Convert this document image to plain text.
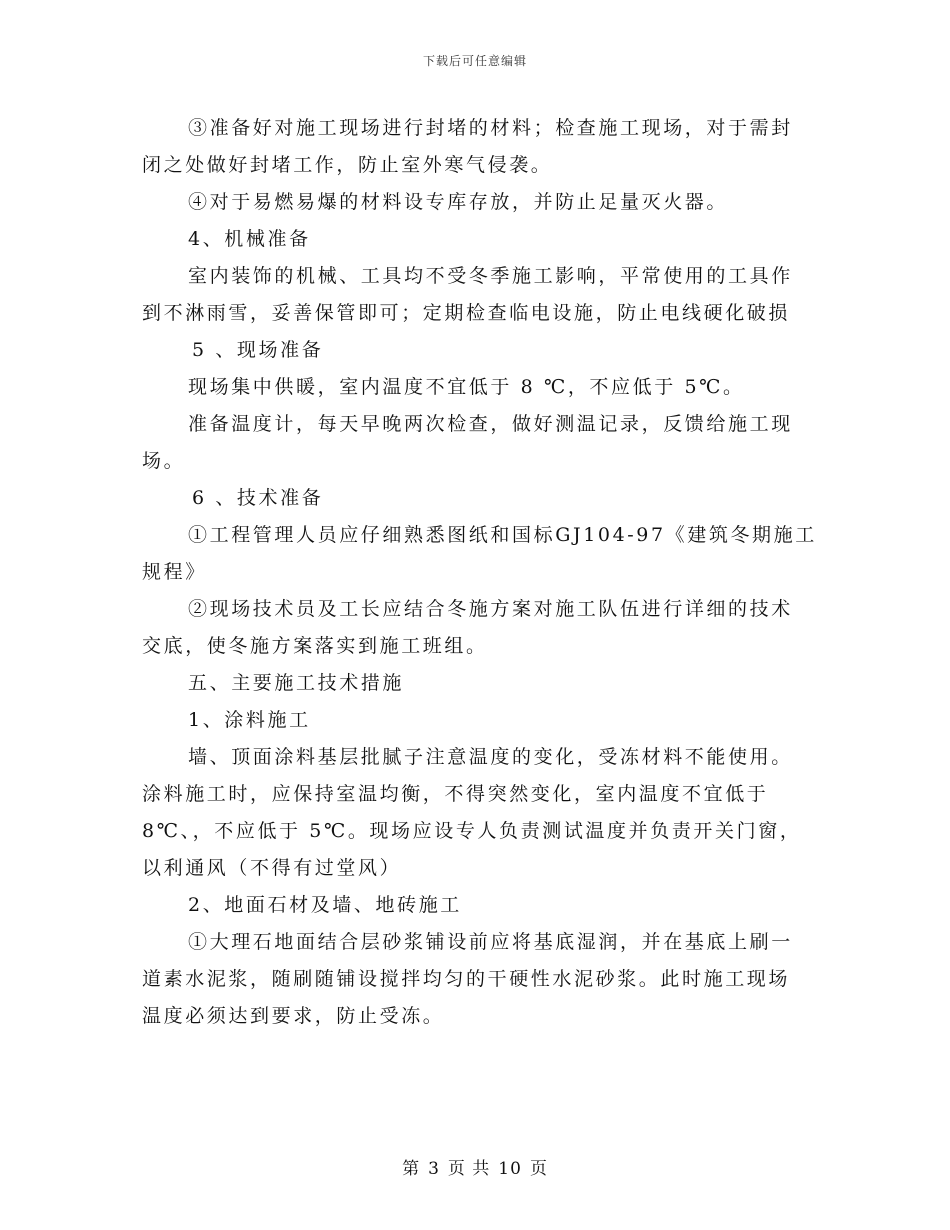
下载后可任意编辑
③准备好对施工现场进行封堵的材料；检查施工现场，对于需封
闭之处做好封堵工作，防止室外寒气侵袭。
④对于易燃易爆的材料设专库存放，并防止足量灭火器。
4、机械准备
室内装饰的机械、工具均不受冬季施工影响，平常使用的工具作
到不淋雨雪，妥善保管即可；定期检查临电设施，防止电线硬化破损
5 、现场准备
现场集中供暖，室内温度不宜低于 8 ℃，不应低于 5℃。
准备温度计，每天早晚两次检查，做好测温记录，反馈给施工现
场。
6 、技术准备
①工程管理人员应仔细熟悉图纸和国标GJ104-97《建筑冬期施工
规程》
②现场技术员及工长应结合冬施方案对施工队伍进行详细的技术
交底，使冬施方案落实到施工班组。
五、主要施工技术措施
1、涂料施工
墙、顶面涂料基层批腻子注意温度的变化，受冻材料不能使用。
涂料施工时，应保持室温均衡，不得突然变化，室内温度不宜低于
8℃、，不应低于 5℃。现场应设专人负责测试温度并负责开关门窗，
以利通风（不得有过堂风）
2、地面石材及墙、地砖施工
①大理石地面结合层砂浆铺设前应将基底湿润，并在基底上刷一
道素水泥浆，随刷随铺设搅拌均匀的干硬性水泥砂浆。此时施工现场
温度必须达到要求，防止受冻。
第 3 页 共 10 页
